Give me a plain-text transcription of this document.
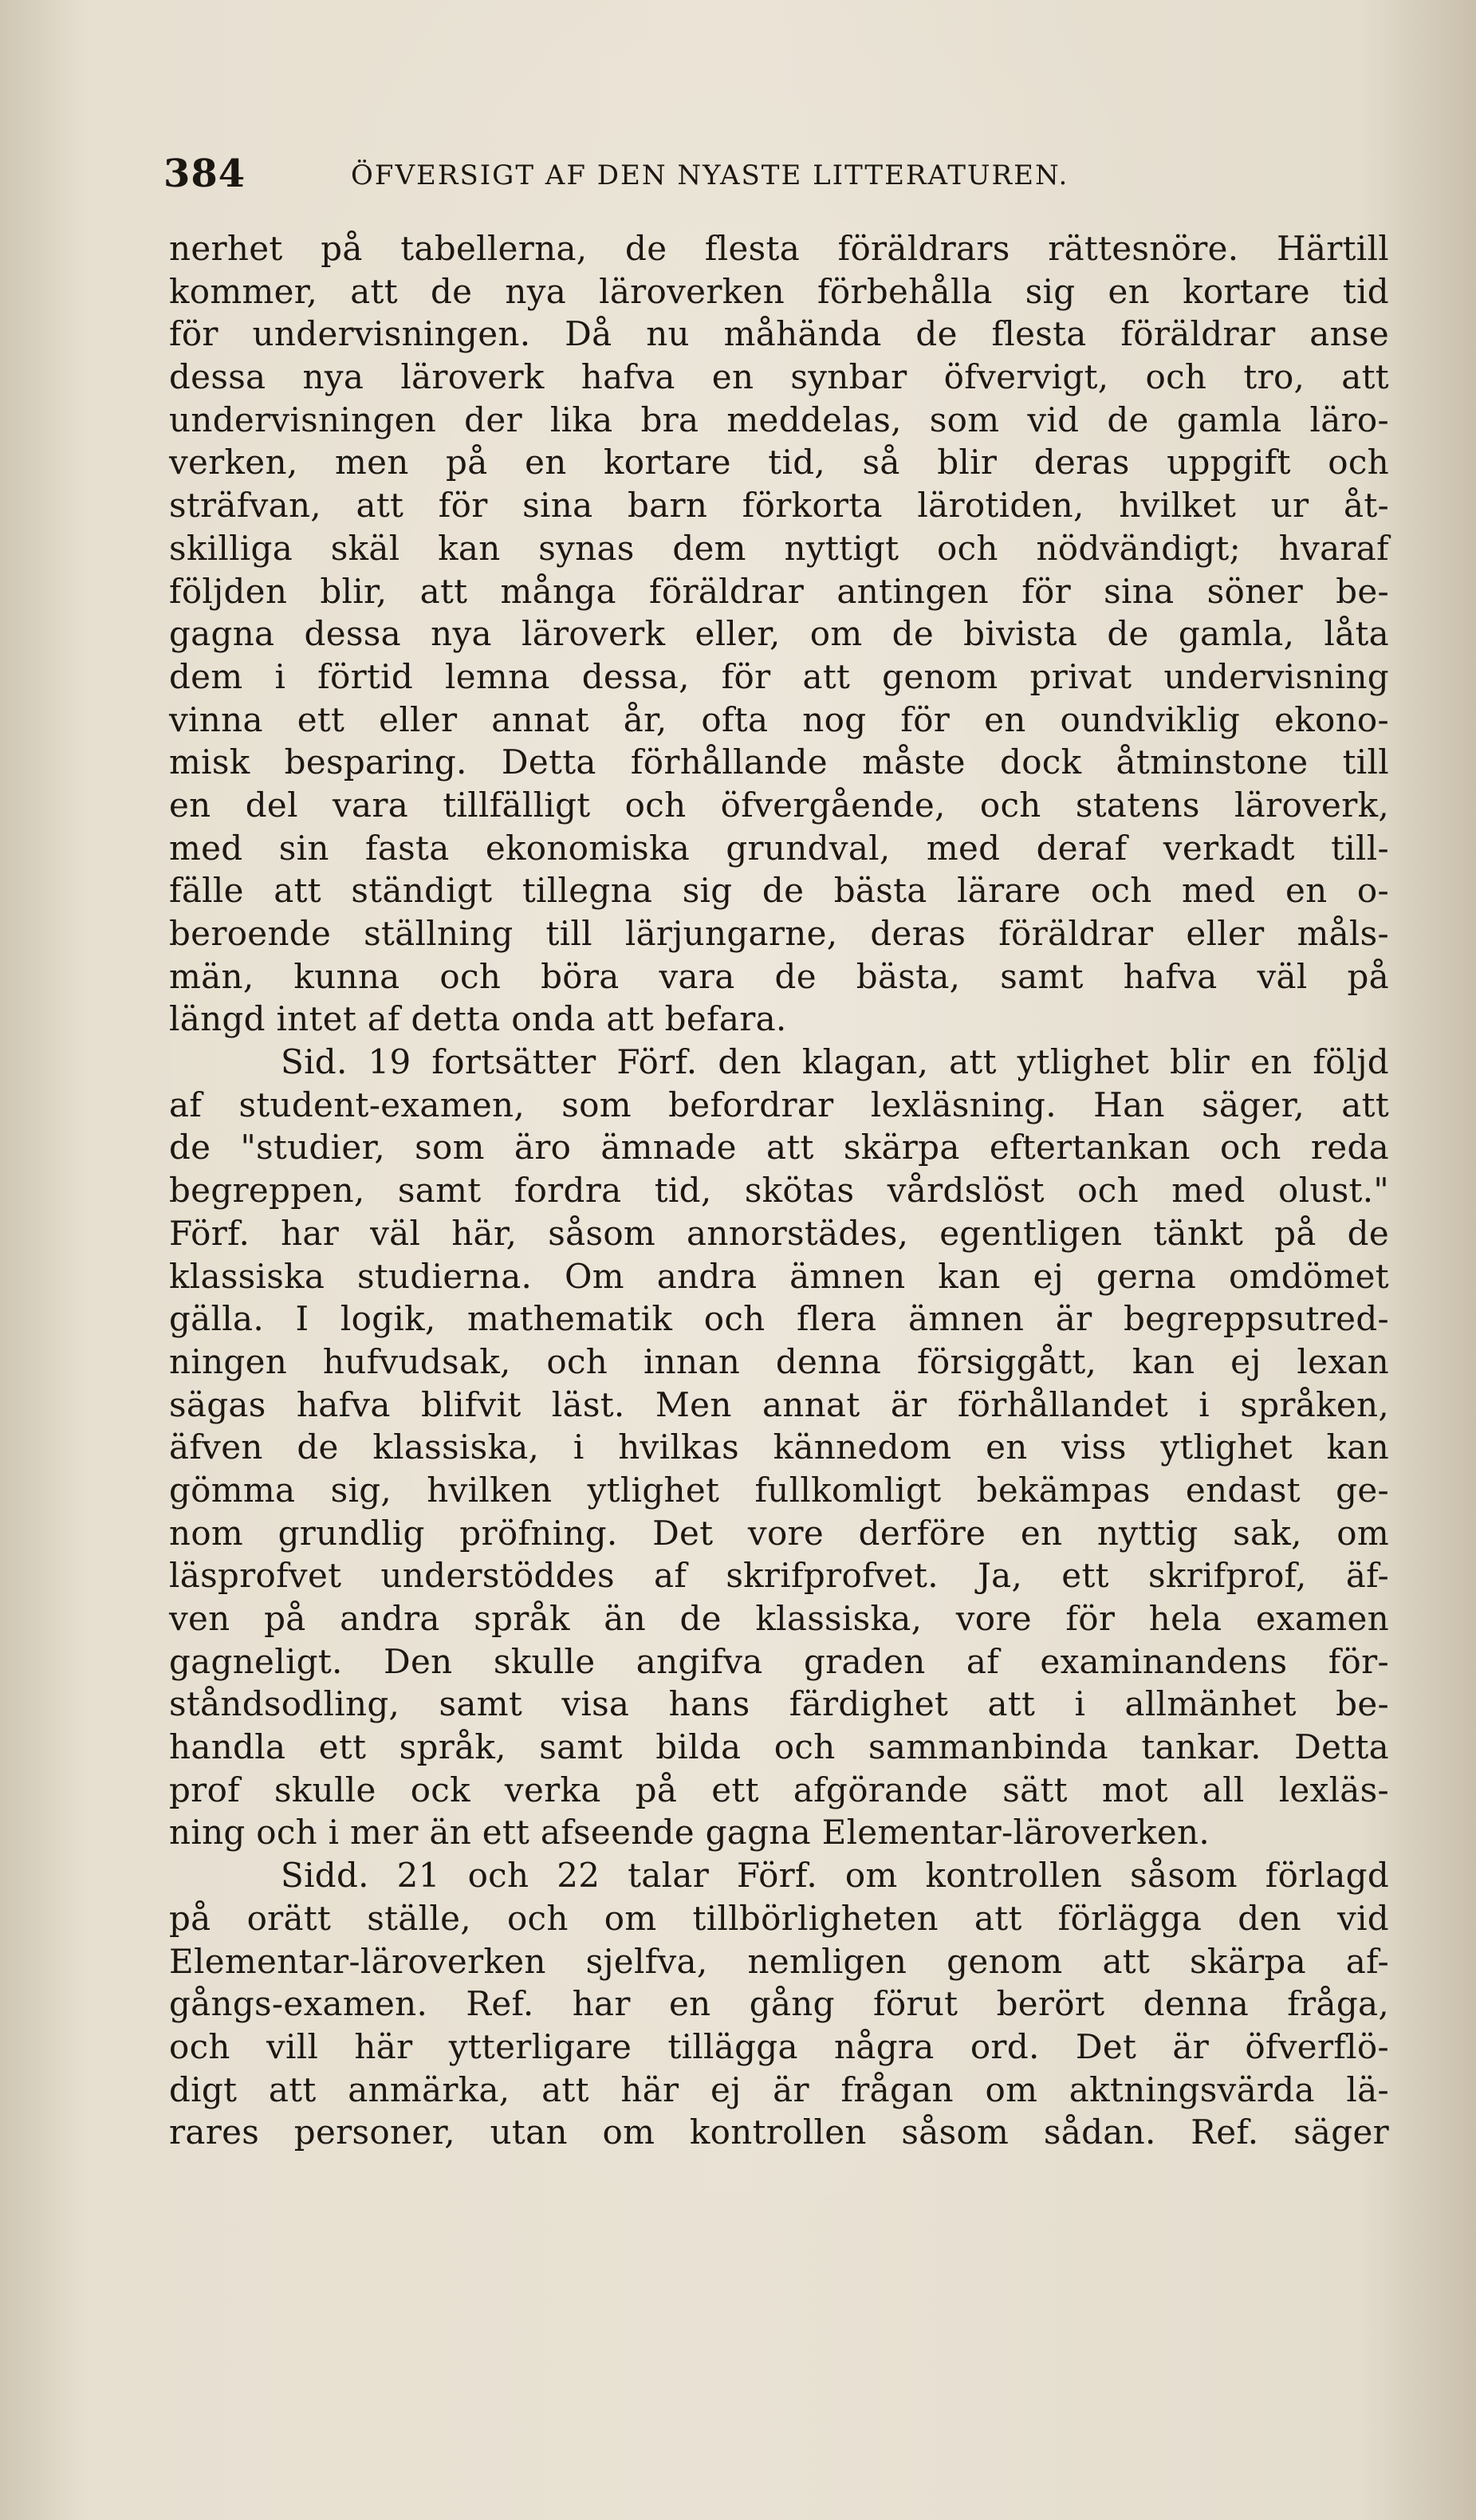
384	ÖFVERSIGT AF DEN NYASTE LITTERATUREN.
nerhet på tabellerna, de flesta föräldrars rättesnöre. Härtill
kommer, att de nya läroverken förbehålla sig en kortare tid
för undervisningen. Då nu måhända de flesta föräldrar anse
dessa nya läroverk hafva en synbar öfvervigt, och tro, att
undervisningen der lika bra meddelas, som vid de gamla läro-
verken, men på en kortare tid, så blir deras uppgift och
sträfvan, att för sina barn förkorta lärotiden, hvilket ur åt-
skilliga skäl kan synas dem nyttigt och nödvändigt; hvaraf
följden blir, att många föräldrar antingen för sina söner be-
gagna dessa nya läroverk eller, om de bivista de gamla, låta
dem i förtid lemna dessa, för att genom privat undervisning
vinna ett eller annat år, ofta nog för en oundviklig ekono-
misk besparing. Detta förhållande måste dock åtminstone till
en del vara tillfälligt och öfvergående, och statens läroverk,
med sin fasta ekonomiska grundval, med deraf verkadt till-
fälle att ständigt tillegna sig de bästa lärare och med en o-
beroende ställning till lärjungarne, deras föräldrar eller måls-
män, kunna och böra vara de bästa, samt hafva väl på
längd intet af detta onda att befara.
Sid. 19 fortsätter Förf. den klagan, att ytlighet blir en följd
af student-examen, som befordrar lexläsning. Han säger, att
de "studier, som äro ämnade att skärpa eftertankan och reda
begreppen, samt fordra tid, skötas vårdslöst och med olust."
Förf. har väl här, såsom annorstädes, egentligen tänkt på de
klassiska studierna. Om andra ämnen kan ej gerna omdömet
gälla. I logik, mathematik och flera ämnen är begreppsutred-
ningen hufvudsak, och innan denna försiggått, kan ej lexan
sägas hafva blifvit läst. Men annat är förhållandet i språken,
äfven de klassiska, i hvilkas kännedom en viss ytlighet kan
gömma sig, hvilken ytlighet fullkomligt bekämpas endast ge-
nom grundlig pröfning. Det vore derföre en nyttig sak, om
läsprofvet understöddes af skrifprofvet. Ja, ett skrifprof, äf-
ven på andra språk än de klassiska, vore för hela examen
gagneligt. Den skulle angifva graden af examinandens för-
ståndsodling, samt visa hans färdighet att i allmänhet be-
handla ett språk, samt bilda och sammanbinda tankar. Detta
prof skulle ock verka på ett afgörande sätt mot all lexläs-
ning och i mer än ett afseende gagna Elementar-läroverken.
Sidd. 21 och 22 talar Förf. om kontrollen såsom förlagd
på orätt ställe, och om tillbörligheten att förlägga den vid
Elementar-läroverken sjelfva, nemligen genom att skärpa af-
gångs-examen. Ref. har en gång förut berört denna fråga,
och vill här ytterligare tillägga några ord. Det är öfverflö-
digt att anmärka, att här ej är frågan om aktningsvärda lä-
rares personer, utan om kontrollen såsom sådan. Ref. säger
